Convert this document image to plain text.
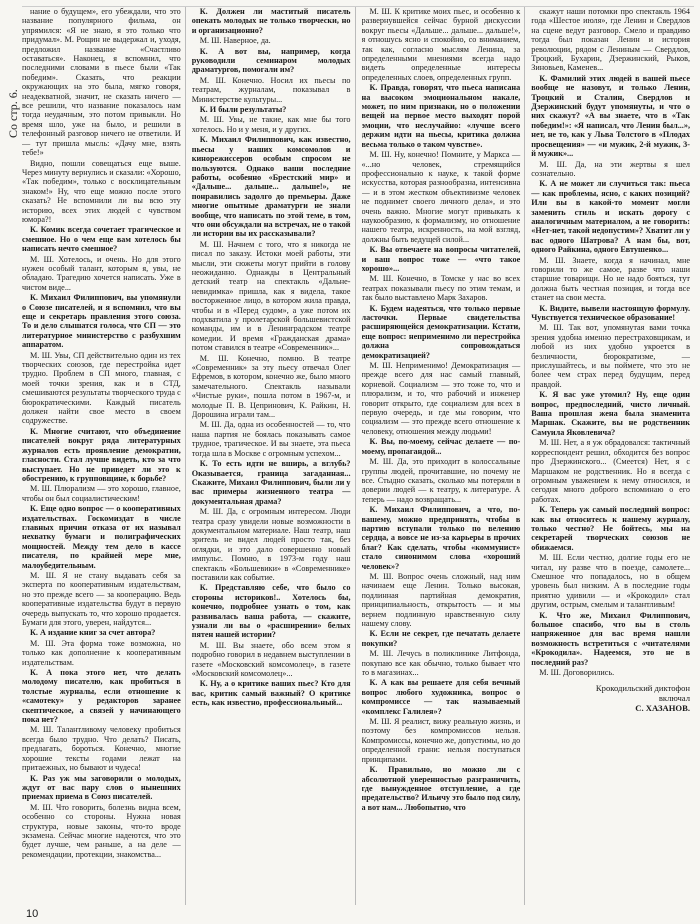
Со стр. 6.

нание о будущем», его убеждали, что это название популярного фильма, он упрямился: «Я не знаю, я это только что придумал». М. Рощин не выдержал и, уходя, предложил название «Счастливо оставаться». Наконец, я вспомнил, что последними словами в пьесе были «Так победим». Сказать, что реакции окружающих на это была, мягко говоря, неадекватной, значит, не сказать ничего — все решили, что название показалось нам тогда неудачным, это потом привыкли. Но время шло, уже на было, и решили в телефонный разговор ничего не ответили. И — тут пришла мысль: «Дачу мне, взять тебе!»

Видно, пошли совещаться еще выше. Через минуту вернулись и сказали: «Хорошо, «Так победим», только с восклицательным знаком!» Ну, что еще можно после этого сказать? Не вспомнили ли вы всю эту историю, всех этих людей с чувством юмора?!

К. Комик всегда сочетает трагическое и смешное. Но о чем еще вам хотелось бы написать нечто смешное?

М. Ш. Хотелось, и очень. Но для этого нужен особый талант, которым я, увы, не обладаю. Трагедию хочется написать. Уже в чистом виде...

К. Михаил Филиппович, вы упомянули о Союзе писателей, и я вспомнил, что вы еще и секретарь правления этого союза. То и дело слышатся голоса, что СП — это литературное министерство с разбухшим аппаратом.

М. Ш. Увы, СП действительно один из тех творческих союзов, где перестройка идет трудно. Проблем в СП много, главная, с моей точки зрения, как и в СТД, смешиваются результаты творческого труда с бюрократическими. Каждый писатель должен найти свое место в своем содружестве.

К. Многие считают, что объединение писателей вокруг ряда литературных журналов есть проявление демократии, гласности. Стал лучше видеть, кто за что выступает. Но не приведет ли это к обострению, к групповщине, к борьбе?

М. Ш. Плюрализм — это хорошо, главное, чтобы он был социалистическим!

К. Еще одно вопрос — о кооперативных издательствах. Госкомиздат в числе главных причин отказа от их называл нехватку бумаги и полиграфических мощностей. Между тем дело в кассе писателя, по крайней мере мне, малоубедительным.

М. Ш. Я не стану выдавать себя за эксперта по кооперативным издательствам, но это прежде всего — за кооперацию. Ведь кооперативные издательства будут в первую очередь выпускать то, что хорошо продается. Бумаги для этого, уверен, найдутся...

К. А издание книг за счет автора?

М. Ш. Эта форма тоже возможна, но только как дополнение к кооперативным издательствам.

К. А пока этого нет, что делать молодому писателю, как пробиться в толстые журналы, если отношение к «самотеку» у редакторов заранее скептическое, а связей у начинающего пока нет?

М. Ш. Талантливому человеку пробиться всегда было трудно. Что делать? Писать, предлагать, бороться. Конечно, многие хорошие тексты годами лежат на притаежных, но бывают и чудеса!

К. Раз уж мы заговорили о молодых, ждут от вас пару слов о нынешних приемах приема в Союз писателей.

М. Ш. Что говорить, болезнь видна всем, особенно со стороны. Нужна новая структура, новые законы, что-то вроде экзамена. Сейчас многие надеются, что это будет лучше, чем раньше, а на деле — рекомендации, протекции, знакомства...

К. Должен ли маститый писатель опекать молодых не только творчески, но и организационно?

М. Ш. Наверное, да.

К. А вот вы, например, когда руководили семинаром молодых драматургов, помогали им?

М. Ш. Конечно. Носил их пьесы по театрам, журналам, показывал в Министерстве культуры...

К. И были результаты?

М. Ш. Увы, не такие, как мне бы того хотелось. Но и у меня, и у других.

К. Михаил Филиппович, как известно, пьесы у наших комсомолов и кинорежиссеров особым спросом не пользуются. Однако ваши последние работы, особенно «Брестский мир» и «Дальше... дальше... дальше!», не понравились задолго до премьеры. Даже многие опытные драматурги не знали вообще, что написать по этой теме, в том, что они обсуждали на встречах, не о такой ли истории вы их рассказывали?

М. Ш. Начнем с того, что я никогда не писал по заказу. Истоки моей работы, эти мысли, эти сюжеты могут прийти в голову неожиданно. Однажды в Центральный детский театр на спектакль «Дальне-невидимка» пришла, как я видела, такое восторженное лицо, в котором жила правда, чтобы и в «Перед судом», а уже потом их подхватила у пролетарской большевистской команды, им и в Ленинградском театре комедии. И время «Гражданская драма» потом ставился в театре «Современник»...

М. Ш. Конечно, помню. В театре «Современник» за эту пьесу отвечал Олег Ефремов, в котором, конечно же, было много замечательного. Спектакль называли «Чистые руки», пошла потом в 1967-м, и молодые П. В. Цепринович, К. Райкин, Н. Дорошина играли там...

М. Ш. Да, одна из особенностей — то, что наша партия не боялась показывать самое трудное, трагическое. И вы знаете, эта пьеса тогда шла в Москве с огромным успехом...

К. То есть идти не вширь, а вглубь? Оказывается, граница загаданная... Скажите, Михаил Филиппович, были ли у вас примеры жизненного театра — документальная драма?

М. Ш. Да, с огромным интересом. Люди театра сразу увидели новые возможности в документальном материале. Наш театр, наш зритель не видел людей просто так, без оглядки, и это дало совершенно новый импульс. Помню, в 1973-м году наш спектакль «Большевики» в «Современнике» поставили как событие.

К. Представляю себе, что было со стороны историков!.. Хотелось бы, конечно, подробнее узнать о том, как развивалась ваша работа, — скажите, узнали ли вы о «расширении» белых пятен нашей истории?

М. Ш. Вы знаете, обо всем этом я подробно говорил в недавнем выступлении в газете «Московский комсомолец», в газете «Московский комсомолец»...

К. Ну, а о критике ваших пьес? Кто для вас, критик самый важный? О критике есть, как известно, профессиональный...

М. Ш. К критике моих пьес, и особенно к развернувшейся сейчас бурной дискуссии вокруг пьесы «Дальше... дальше... дальше!», я отношусь ясно и спокойно, со вниманием, так как, согласно мыслям Ленина, за определенными мнениями всегда надо видеть определенные интересы определенных слоев, определенных групп.

К. Правда, говорят, что пьеса написана на высоком эмоциональном накале, может, по ним признаки, но о положении вещей на первое место выходят порой эмоции, что неслучайно: «лучше всего держим идти на пьесы, критика должна весьма только о таком чувстве».

М. Ш. Ну, конечно! Помните, у Маркса — «...но человек, стремящийся профессионально к науке, к такой форме искусства, которая разнообразна, интенсивна — и в этом жестком объективизме человек не поднимет своего личного дела», и это очень важно. Многие могут привыкать к наукообразию, к формализму, но отношение нашего театра, искренность, на мой взгляд, должны быть ведущей силой...

К. Вы отвечаете на вопросы читателей, и ваш вопрос тоже — «что такое хорошо»...

М. Ш. Конечно, в Томске у нас во всех театрах показывали пьесу по этим темам, и так было выставлено Марк Захаров.

К. Будем надеяться, что только первые ласточки. Первые свидетельства расширяющейся демократизации. Кстати, еще вопрос: неприменимо ли перестройка должна сопровождаться демократизацией?

М. Ш. Неприменимо! Демократизация — прежде всего для нас самый главный, корневой. Социализм — это тоже то, что и плюрализм, и то, что рабочий и инженер говорит открыто, где социализм для всех в первую очередь, и где мы говорим, что социализм — это прежде всего отношение к человеку, отношения между людьми!

К. Вы, по-моему, сейчас делаете — по-моему, пропагандой...

М. Ш. Да, это приходит в колоссальные группы людей, прочитавшие, но почему не все. Стыдно сказать, сколько мы потеряли в доверии людей — к театру, к литературе. А теперь — надо возвращать...

К. Михаил Филиппович, а что, по-вашему, можно предпринять, чтобы в партию вступали только по велению сердца, а вовсе не из-за карьеры в прочих благ? Как сделать, чтобы «коммунист» стало синонимом слова «хороший человек»?

М. Ш. Вопрос очень сложный, над ним начинаем еще Ленин. Только высокая, подлинная партийная демократия, принципиальность, открытость — и мы вернем подлинную нравственную силу нашему слову.

К. Если не секрет, где печатать делаете покупки?

М. Ш. Лечусь в поликлинике Литфонда, покупаю все как обычно, только бывает что то в магазинах...

К. А как вы решаете для себя вечный вопрос любого художника, вопрос о компромиссе — так называемый «комплекс Галилея»?

М. Ш. Я реалист, вижу реальную жизнь, и поэтому без компромиссов нельзя. Компромиссы, конечно же, допустимы, но до определенной грани: нельзя поступаться принципами.

К. Правильно, но можно ли с абсолютной уверенностью разграничить, где вынужденное отступление, а где предательство? Ильичу это было под силу, а вот нам... Любопытно, что

скажут наши потомки про спектакль 1964 года «Шестое июля», где Ленин и Свердлов на сцене ведут разговор. Смело и правдиво тогда был показан Ленин и история революции, рядом с Лениным — Свердлов, Троцкий, Бухарин, Дзержинский, Рыков, Зиновьев, Каменев...

К. Фамилий этих людей в вашей пьесе вообще не назовут, и только Ленин, Троцкий и Сталин, Свердлов и Дзержинский будут упомянуты, и что о них скажут? «А вы знаете, что в «Так победим!»: «Я написал, что Ленин был...», нет, не то, как у Льва Толстого в «Плодах просвещения» — «и мужик, 2-й мужик, 3-й мужик»...

М. Ш. Да, на эти жертвы я шел сознательно.

К. А не может ли случиться так: пьеса — как проблемы, ясно, с каких позиций? Или вы в какой-то момент могли заменить стиль и искать дорогу с аналогичным материалом, а не говорить: «Нет-нет, такой недопустим»? Хватит ли у вас одного Шатрова? А нам бы, вот, одного Райкина, одного Евтушенко...

М. Ш. Знаете, когда я начинал, мне говорили то же самое, разве что наши старшие товарищи. Но не надо бояться, тут должна быть честная позиция, и тогда все станет на свои места.

К. Видите, вывели настоящую формулу. Чувствуется техническое образование!

М. Ш. Так вот, упомянутая вами точка зрения удобна именно перестраховщикам, и любой из них удобно укроется в безличности, бюрократизме, — прислушайтесь, и вы поймете, что это не более чем страх перед будущим, перед правдой.

К. Я вас уже утомил? Ну, еще один вопрос, предпоследний, чисто личный. Ваша прошлая жена была знаменита Маршак. Скажите, вы не родственник Самуила Яковлевича?

М. Ш. Нет, а я уж обрадовался: тактичный корреспондент решил, обходится без вопрос про Дзержинского... (Смеется) Нет, я с Маршаком не родственник. Но я всегда с огромным уважением к нему относился, и сегодня много доброго вспоминаю о его работах.

К. Теперь уж самый последний вопрос: как вы относитесь к нашему журналу, только честно? Не бойтесь, мы на секретарей творческих союзов не обижаемся.

М. Ш. Если честно, долгие годы его не читал, ну разве что в поезде, самолете... Смешное что попадалось, но в общем уровень был низким. А в последние годы приятно удивили — и «Крокодил» стал другим, острым, смелым и талантливым!

К. Что же, Михаил Филиппович, большое спасибо, что вы в столь напряженное для вас время нашли возможность встретиться с «читателями «Крокодила». Надеемся, это не в последний раз?

М. Ш. Договорились.

Крокодильский диктофон
включал
С. ХАЗАНОВ.
10
